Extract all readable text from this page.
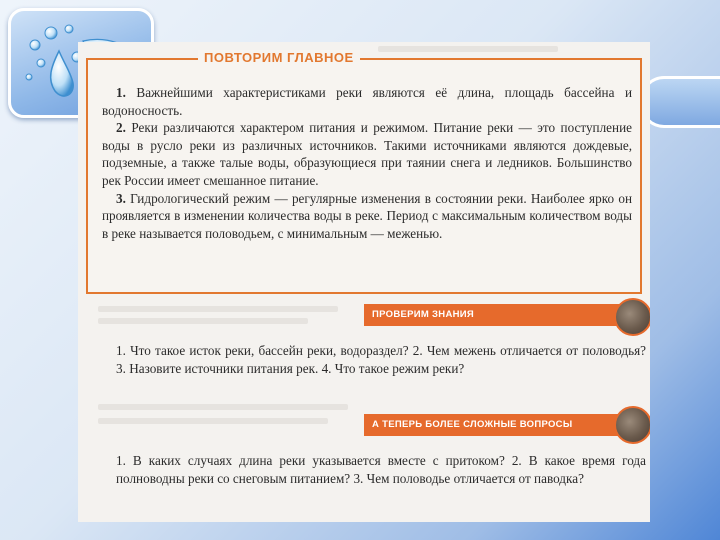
ПОВТОРИМ ГЛАВНОЕ

1. Важнейшими характеристиками реки являются её длина, площадь бассейна и водоносность.

2. Реки различаются характером питания и режимом. Питание реки — это поступление воды в русло реки из различных источников. Такими источниками являются дождевые, подземные, а также талые воды, образующиеся при таянии снега и ледников. Большинство рек России имеет смешанное питание.

3. Гидрологический режим — регулярные изменения в состоянии реки. Наиболее ярко он проявляется в изменении количества воды в реке. Период с максимальным количеством воды в реке называется половодьем, с минимальным — меженью.

ПРОВЕРИМ ЗНАНИЯ
1. Что такое исток реки, бассейн реки, водораздел? 2. Чем межень отличается от половодья? 3. Назовите источники питания рек. 4. Что такое режим реки?
А ТЕПЕРЬ БОЛЕЕ СЛОЖНЫЕ ВОПРОСЫ
1. В каких случаях длина реки указывается вместе с притоком? 2. В какое время года полноводны реки со снеговым питанием? 3. Чем половодье отличается от паводка?
